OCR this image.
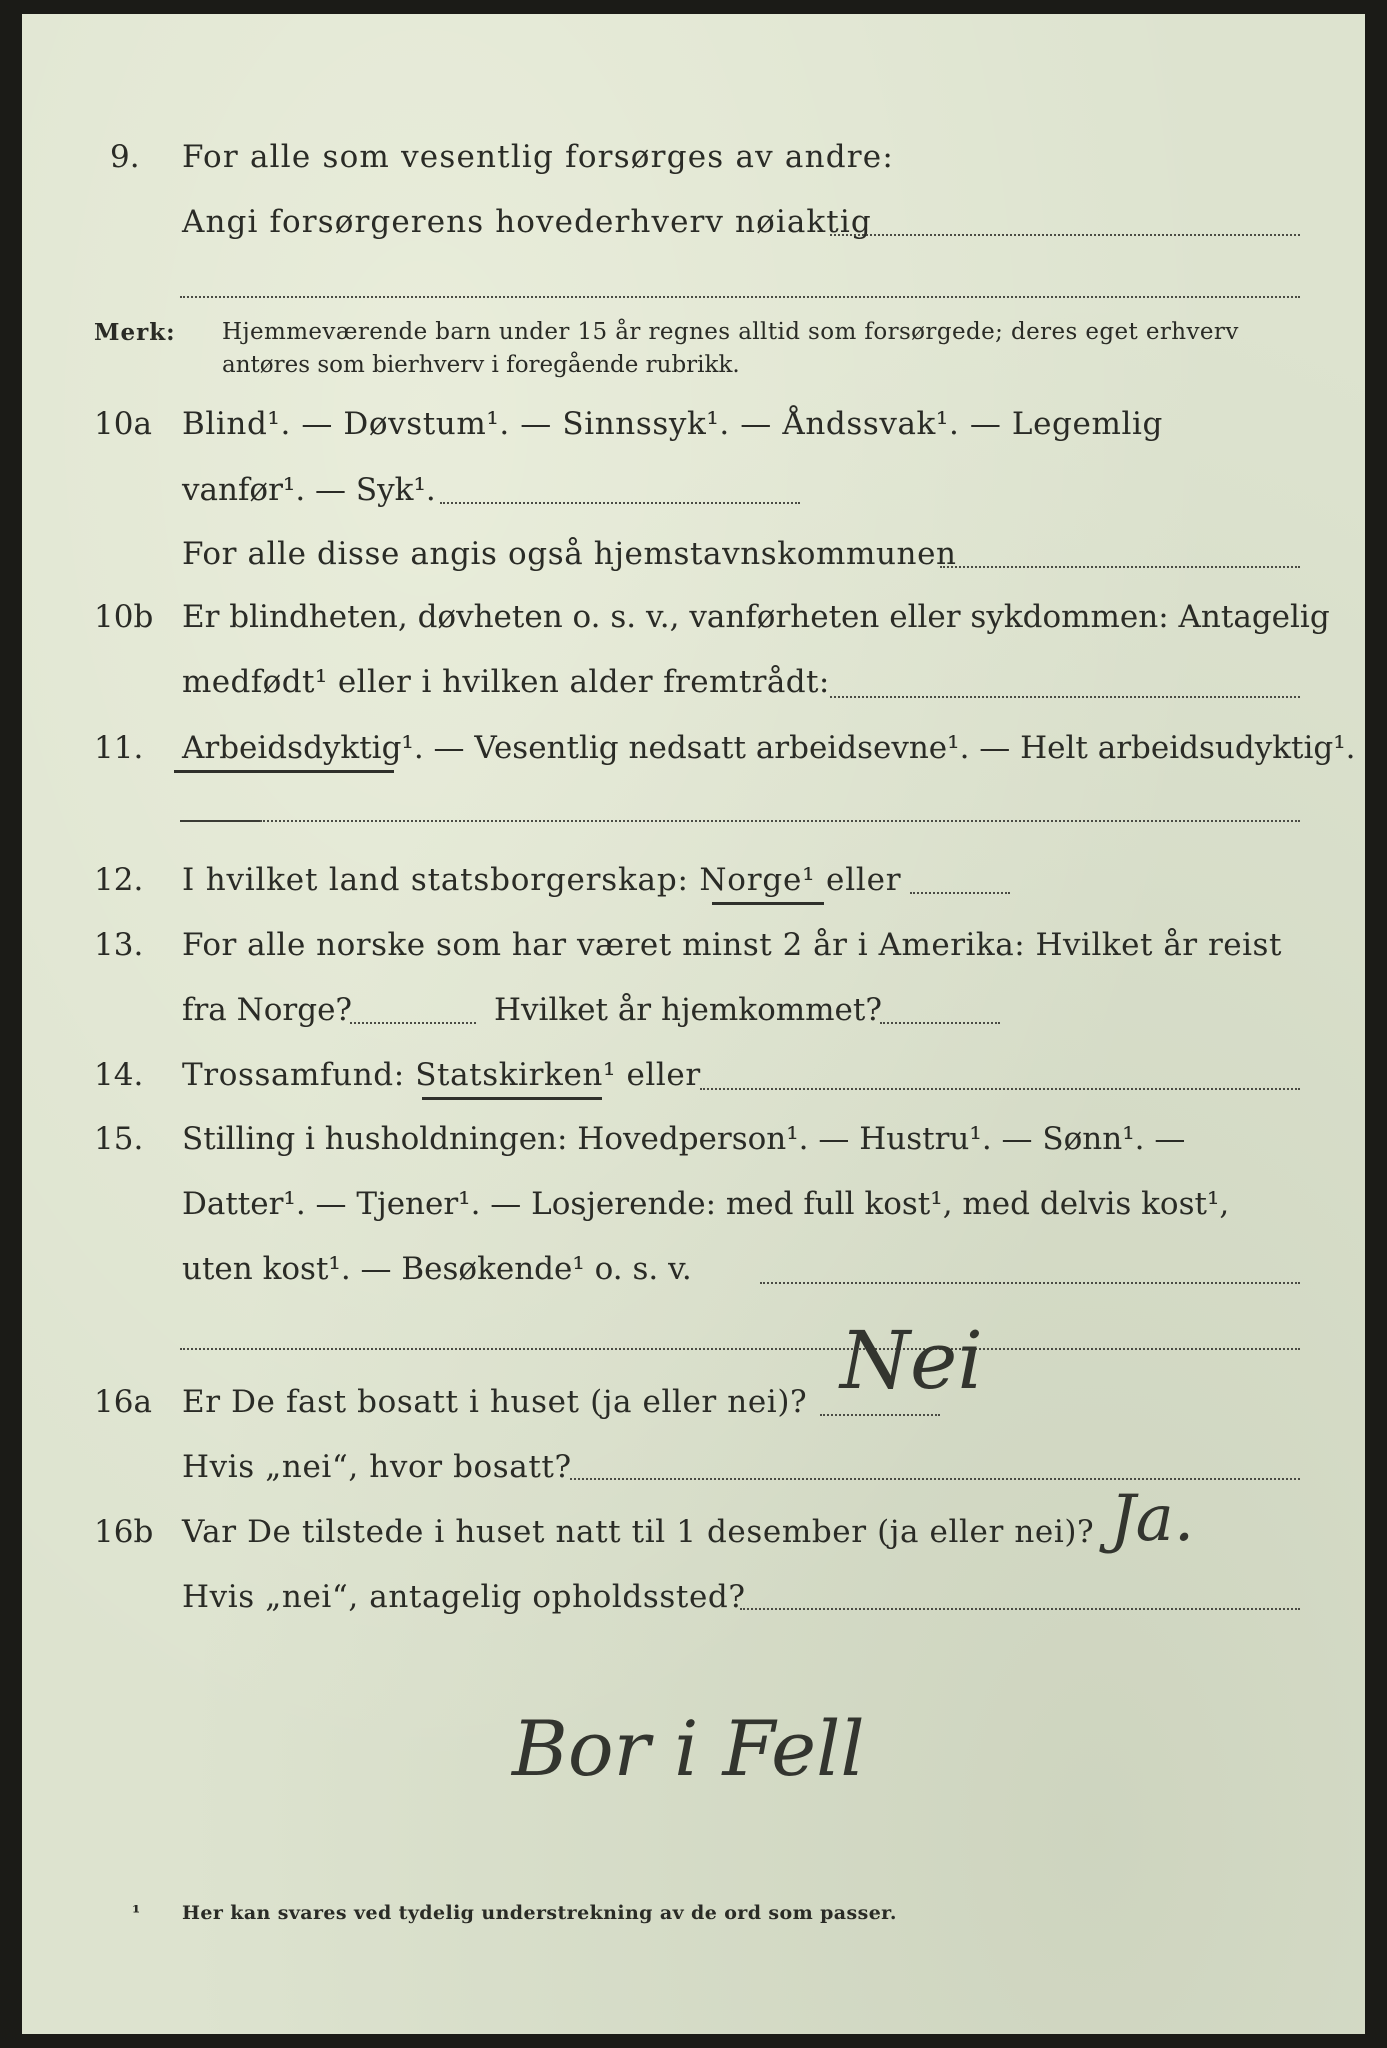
9. For alle som vesentlig forsørges av andre:
Angi forsørgerens hovederhverv nøiaktig
Merk: Hjemmeværende barn under 15 år regnes alltid som forsørgede; deres eget erhverv
antøres som bierhverv i foregående rubrikk.
10a Blind¹. — Døvstum¹. — Sinnssyk¹. — Åndssvak¹. — Legemlig
vanfør¹. — Syk¹.
For alle disse angis også hjemstavnskommunen
10b Er blindheten, døvheten o. s. v., vanførheten eller sykdommen: Antagelig
medfødt¹ eller i hvilken alder fremtrådt:
11. Arbeidsdyktig¹. — Vesentlig nedsatt arbeidsevne¹. — Helt arbeidsudyktig¹.
12. I hvilket land statsborgerskap: Norge¹ eller
13. For alle norske som har været minst 2 år i Amerika: Hvilket år reist
fra Norge?	Hvilket år hjemkommet?
14. Trossamfund: Statskirken¹ eller
15. Stilling i husholdningen: Hovedperson¹. — Hustru¹. — Sønn¹. —
Datter¹. — Tjener¹. — Losjerende: med full kost¹, med delvis kost¹,
uten kost¹. — Besøkende¹ o. s. v.
16a Er De fast bosatt i huset (ja eller nei)? Nei
Hvis „nei“, hvor bosatt?
16b Var De tilstede i huset natt til 1 desember (ja eller nei)? Ja.
Hvis „nei“, antagelig opholdssted?
Bor i Fell
¹ Her kan svares ved tydelig understrekning av de ord som passer.
